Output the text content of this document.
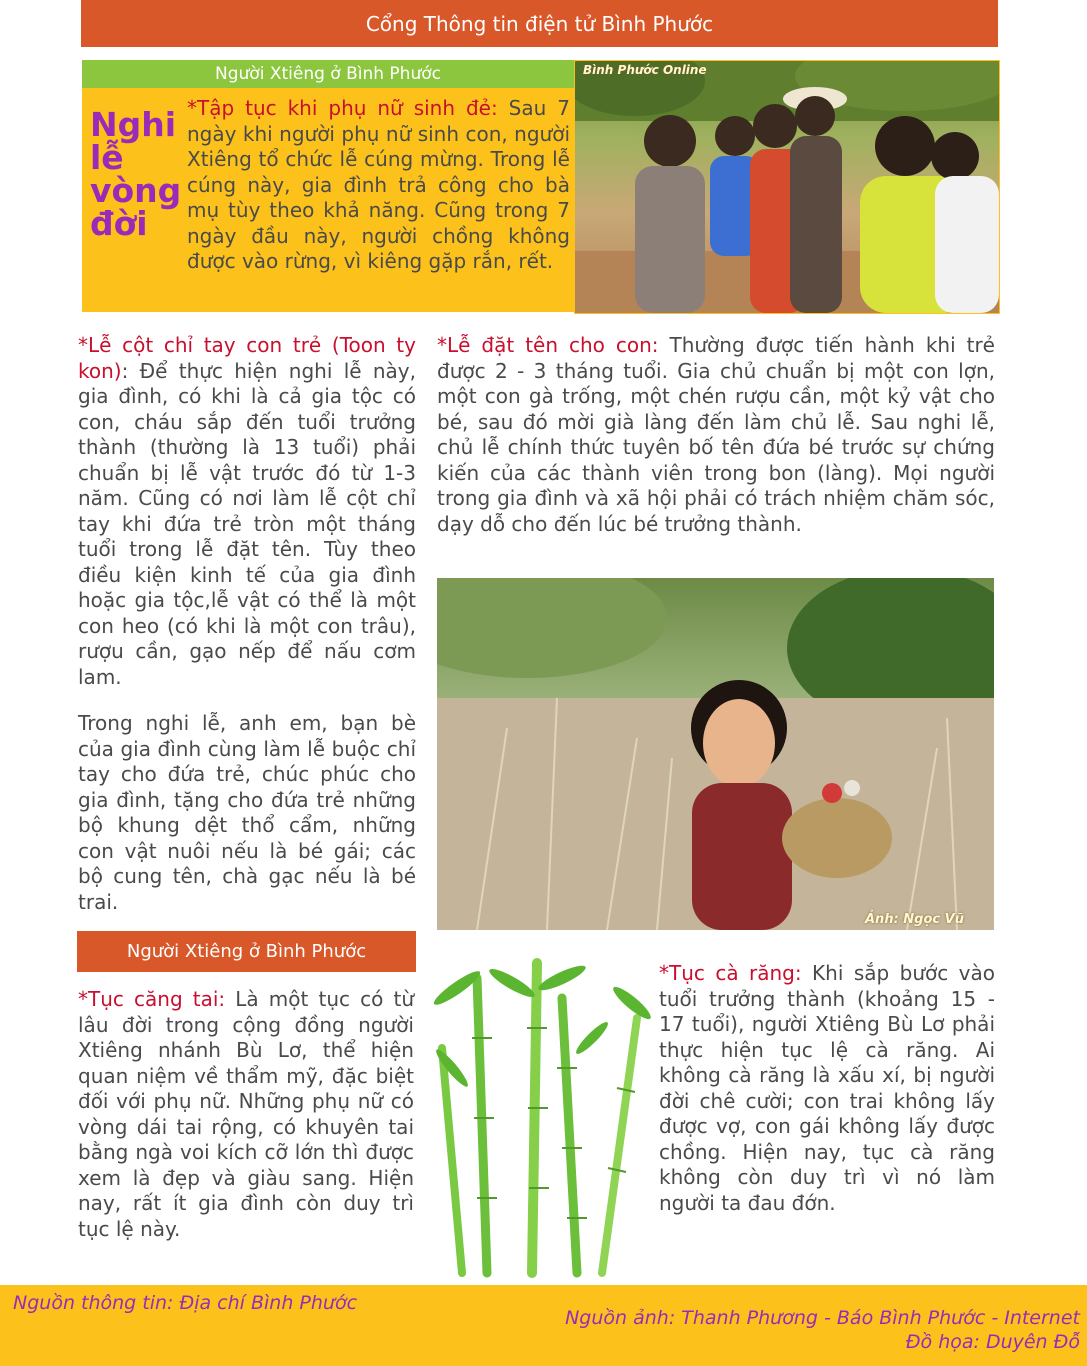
Cổng Thông tin điện tử Bình Phước
Người Xtiêng ở Bình Phước
Nghi
lễ
vòng
đời
*Tập tục khi phụ nữ sinh đẻ: Sau 7 ngày khi người phụ nữ sinh con, người Xtiêng tổ chức lễ cúng mừng. Trong lễ cúng này, gia đình trả công cho bà mụ tùy theo khả năng. Cũng trong 7 ngày đầu này, người chồng không được vào rừng, vì kiêng gặp rắn, rết.
Bình Phước Online
*Lễ cột chỉ tay con trẻ (Toon ty kon): Để thực hiện nghi lễ này, gia đình, có khi là cả gia tộc có con, cháu sắp đến tuổi trưởng thành (thường là 13 tuổi) phải chuẩn bị lễ vật trước đó từ 1-3 năm. Cũng có nơi làm lễ cột chỉ tay khi đứa trẻ tròn một tháng tuổi trong lễ đặt tên. Tùy theo điều kiện kinh tế của gia đình hoặc gia tộc,lễ vật có thể là một con heo (có khi là một con trâu), rượu cần, gạo nếp để nấu cơm lam.
Trong nghi lễ, anh em, bạn bè của gia đình cùng làm lễ buộc chỉ tay cho đứa trẻ, chúc phúc cho gia đình, tặng cho đứa trẻ những bộ khung dệt thổ cẩm, những con vật nuôi nếu là bé gái; các bộ cung tên, chà gạc nếu là bé trai.
*Lễ đặt tên cho con: Thường được tiến hành khi trẻ được 2 - 3 tháng tuổi. Gia chủ chuẩn bị một con lợn, một con gà trống, một chén rượu cần, một kỷ vật cho bé, sau đó mời già làng đến làm chủ lễ. Sau nghi lễ, chủ lễ chính thức tuyên bố tên đứa bé trước sự chứng kiến của các thành viên trong bon (làng). Mọi người trong gia đình và xã hội phải có trách nhiệm chăm sóc, dạy dỗ cho đến lúc bé trưởng thành.
Ảnh: Ngọc Vũ
Người Xtiêng ở Bình Phước
*Tục căng tai: Là một tục có từ lâu đời trong cộng đồng người Xtiêng nhánh Bù Lơ, thể hiện quan niệm về thẩm mỹ, đặc biệt đối với phụ nữ. Những phụ nữ có vòng dái tai rộng, có khuyên tai bằng ngà voi kích cỡ lớn thì được xem là đẹp và giàu sang. Hiện nay, rất ít gia đình còn duy trì tục lệ này.
*Tục cà răng: Khi sắp bước vào tuổi trưởng thành (khoảng 15 - 17 tuổi), người Xtiêng Bù Lơ phải thực hiện tục lệ cà răng. Ai không cà răng là xấu xí, bị người đời chê cười; con trai không lấy được vợ, con gái không lấy được chồng. Hiện nay, tục cà răng không còn duy trì vì nó làm người ta đau đớn.
Nguồn thông tin: Địa chí Bình Phước
Nguồn ảnh: Thanh Phương - Báo Bình Phước - Internet
Đồ họa: Duyên Đỗ
